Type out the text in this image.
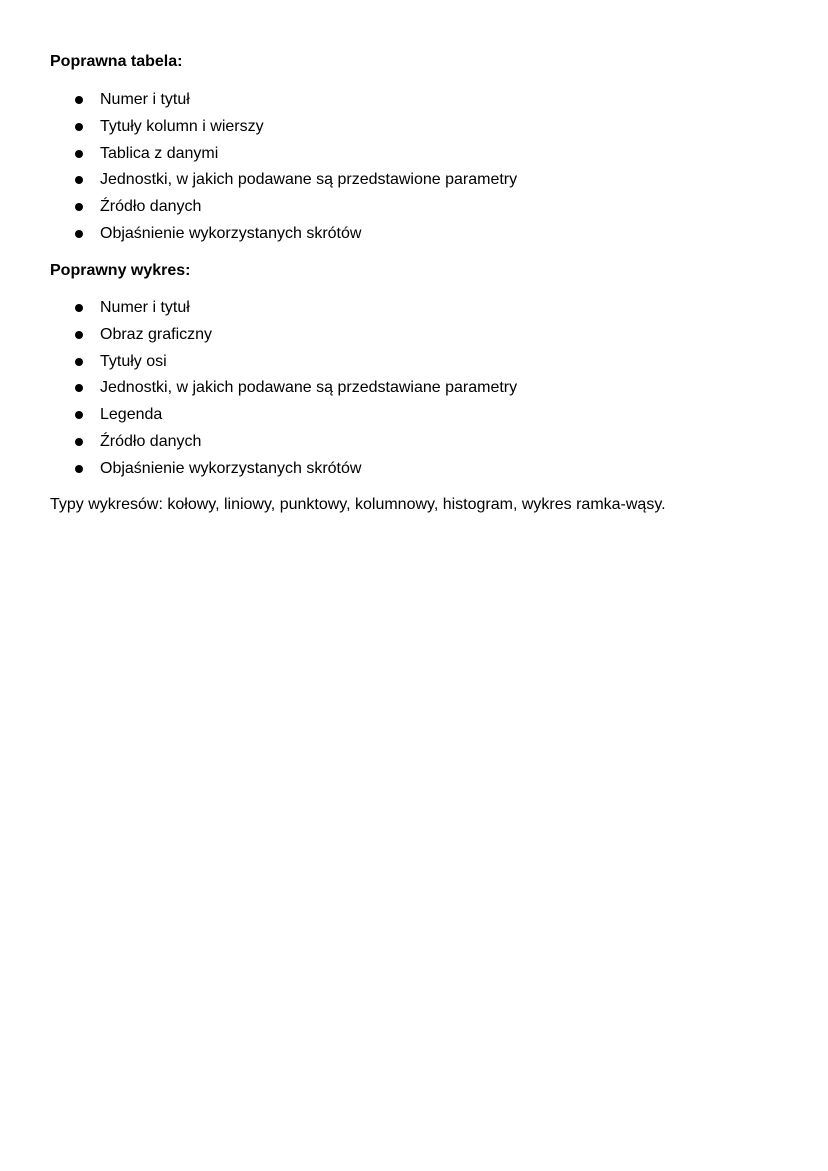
Poprawna tabela:
Numer i tytuł
Tytuły kolumn i wierszy
Tablica z danymi
Jednostki, w jakich podawane są przedstawione parametry
Źródło danych
Objaśnienie wykorzystanych skrótów
Poprawny wykres:
Numer i tytuł
Obraz graficzny
Tytuły osi
Jednostki, w jakich podawane są przedstawiane parametry
Legenda
Źródło danych
Objaśnienie wykorzystanych skrótów
Typy wykresów: kołowy, liniowy, punktowy, kolumnowy, histogram, wykres ramka-wąsy.
